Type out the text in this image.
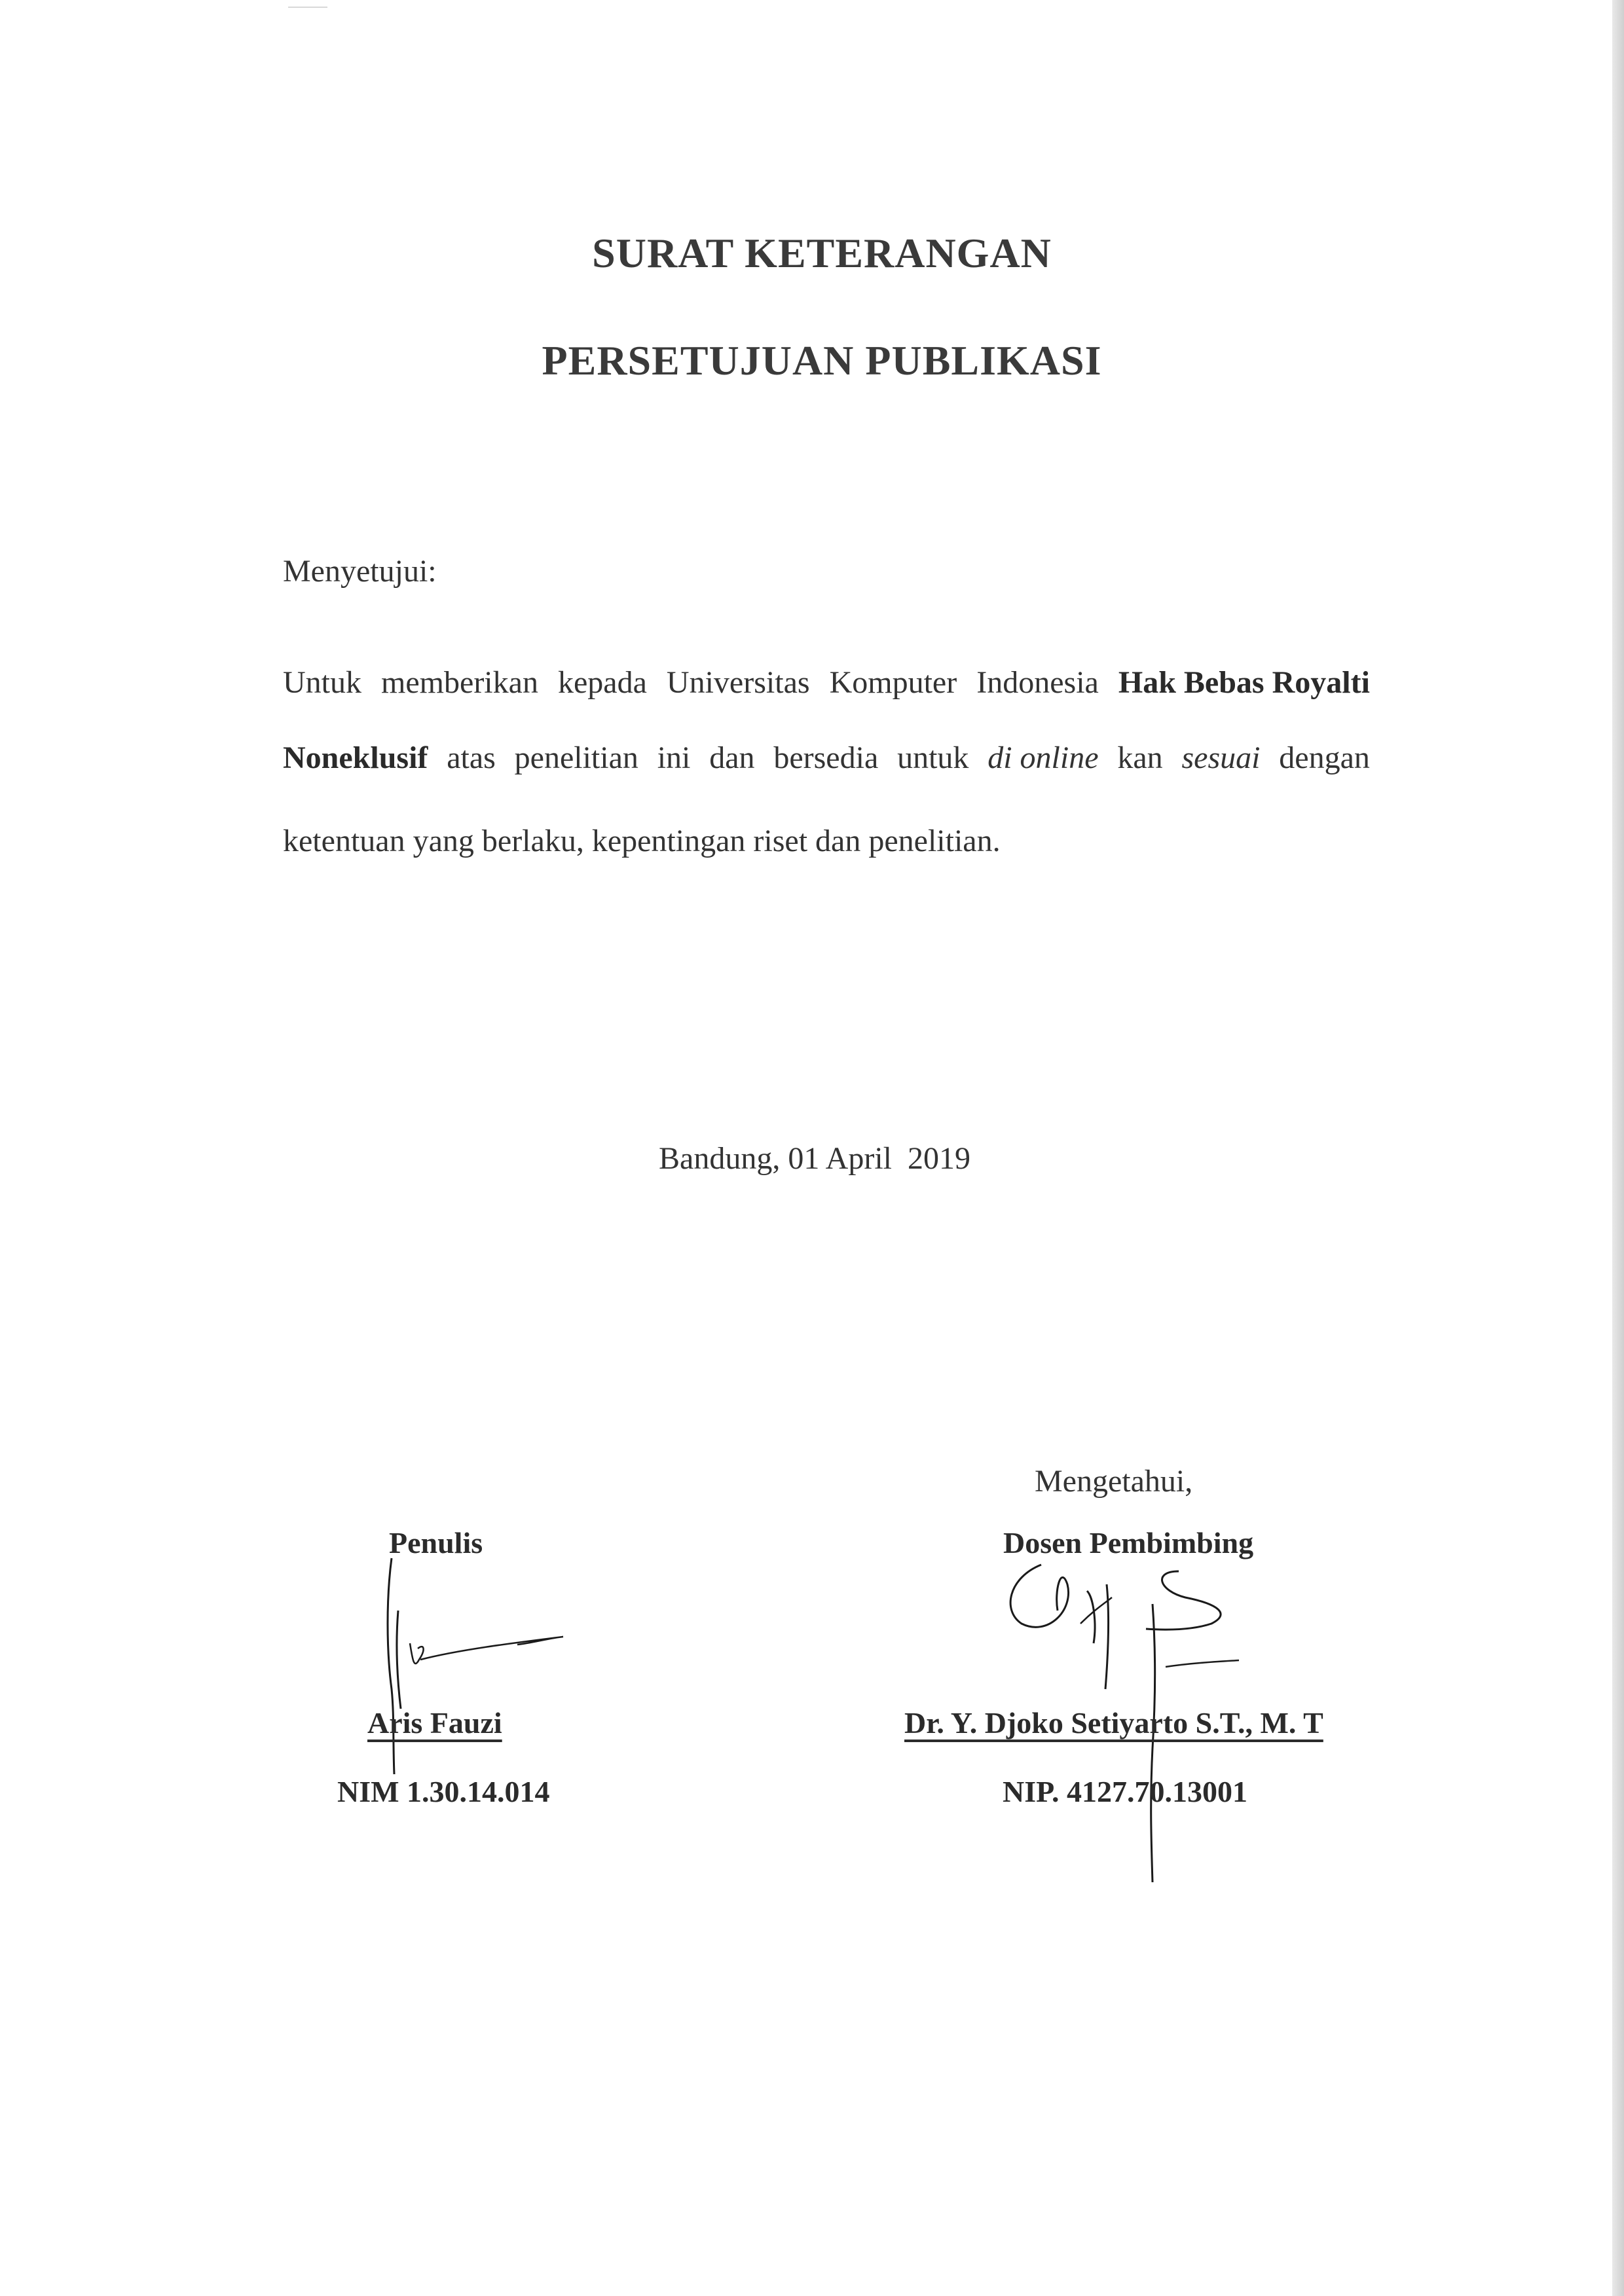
SURAT KETERANGAN
PERSETUJUAN PUBLIKASI
Menyetujui:
Untuk memberikan kepada Universitas Komputer Indonesia Hak Bebas Royalti
Noneklusif atas penelitian ini dan bersedia untuk di online kan sesuai dengan
ketentuan yang berlaku, kepentingan riset dan penelitian.
Bandung, 01 April  2019
Mengetahui,
Penulis	Dosen Pembimbing
Aris Fauzi	Dr. Y. Djoko Setiyarto S.T., M. T
NIM 1.30.14.014	NIP. 4127.70.13001
